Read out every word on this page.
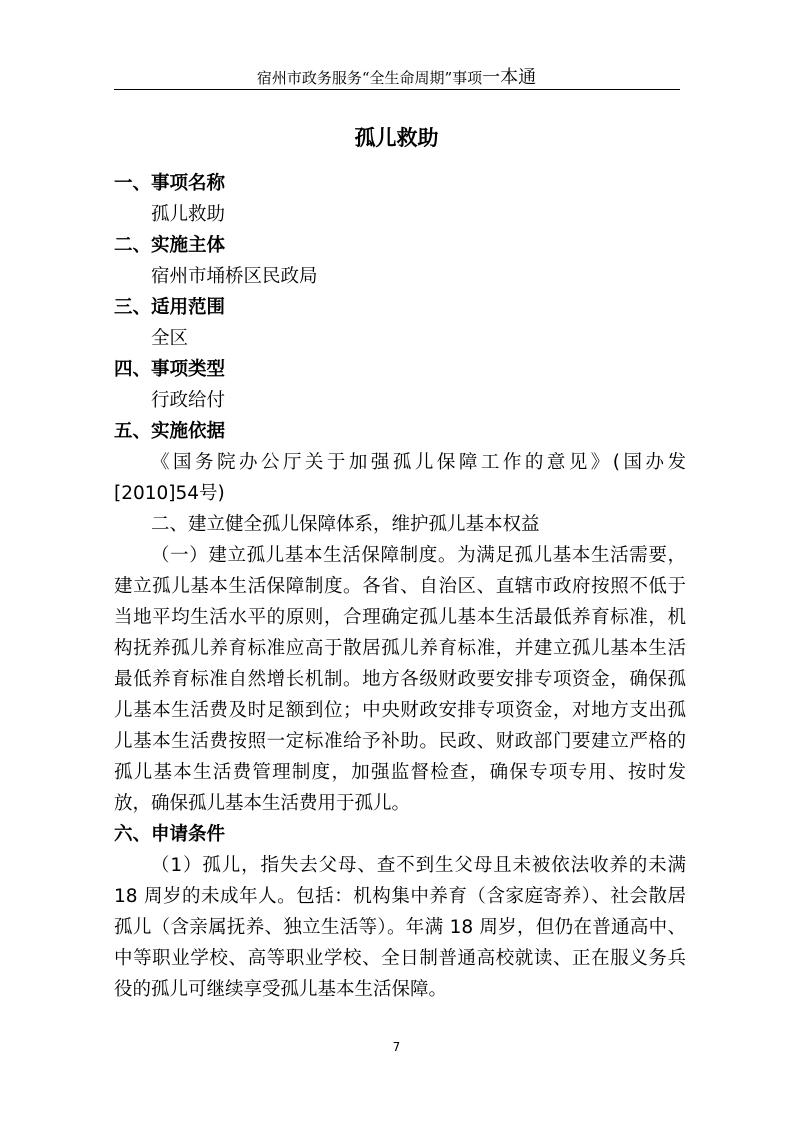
宿州市政务服务“全生命周期”事项一本通
孤儿救助

一、事项名称

孤儿救助

二、实施主体

宿州市埇桥区民政局

三、适用范围

全区

四、事项类型

行政给付

五、实施依据

《国务院办公厅关于加强孤儿保障工作的意见》(国办发[2010]54号)

二、建立健全孤儿保障体系，维护孤儿基本权益

（一）建立孤儿基本生活保障制度。为满足孤儿基本生活需要，建立孤儿基本生活保障制度。各省、自治区、直辖市政府按照不低于当地平均生活水平的原则，合理确定孤儿基本生活最低养育标准，机构抚养孤儿养育标准应高于散居孤儿养育标准，并建立孤儿基本生活最低养育标准自然增长机制。地方各级财政要安排专项资金，确保孤儿基本生活费及时足额到位；中央财政安排专项资金，对地方支出孤儿基本生活费按照一定标准给予补助。民政、财政部门要建立严格的孤儿基本生活费管理制度，加强监督检查，确保专项专用、按时发放，确保孤儿基本生活费用于孤儿。

六、申请条件

（1）孤儿，指失去父母、查不到生父母且未被依法收养的未满 18 周岁的未成年人。包括：机构集中养育（含家庭寄养）、社会散居孤儿（含亲属抚养、独立生活等）。年满 18 周岁，但仍在普通高中、中等职业学校、高等职业学校、全日制普通高校就读、正在服义务兵役的孤儿可继续享受孤儿基本生活保障。

7
